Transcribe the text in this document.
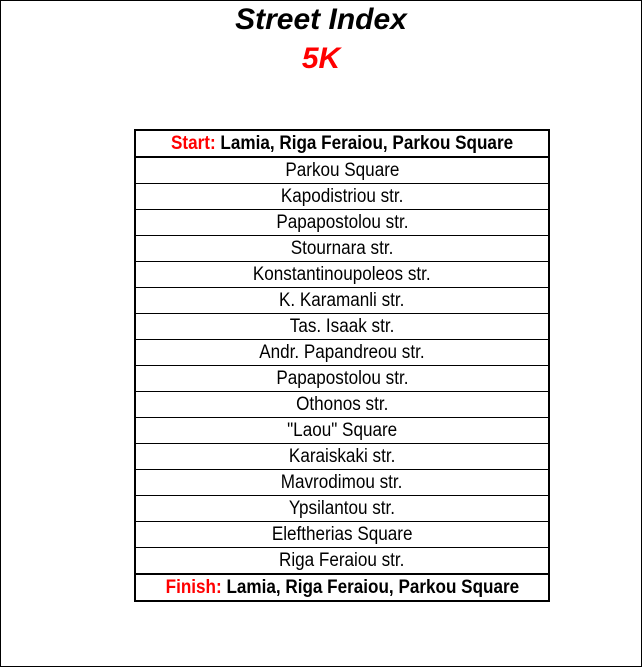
Street Index
5K
Start: Lamia, Riga Feraiou, Parkou Square
Parkou Square
Kapodistriou str.
Papapostolou str.
Stournara str.
Konstantinoupoleos str.
K. Karamanli str.
Tas. Isaak str.
Andr. Papandreou str.
Papapostolou str.
Othonos str.
"Laou" Square
Karaiskaki str.
Mavrodimou str.
Ypsilantou str.
Eleftherias Square
Riga Feraiou str.
Finish: Lamia, Riga Feraiou, Parkou Square
